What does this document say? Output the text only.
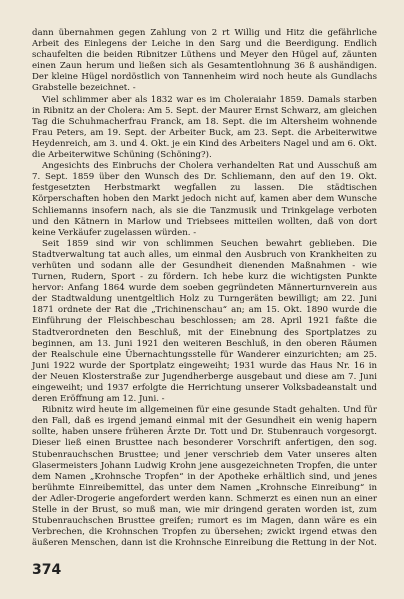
dann übernahmen gegen Zahlung von 2 rt Willig und Hitz die gefährliche Arbeit des Einlegens der Leiche in den Sarg und die Beerdigung. Endlich schaufelten die beiden Ribnitzer Lüthens und Meyer den Hügel auf, zäunten einen Zaun herum und ließen sich als Gesamtentlohnung 36 ß aushändigen. Der kleine Hügel nordöstlich von Tannenheim wird noch heute als Gundlachs Grabstelle bezeichnet. -

Viel schlimmer aber als 1832 war es im Choleraiahr 1859. Damals starben in Ribnitz an der Cholera: Am 5. Sept. der Maurer Ernst Schwarz, am gleichen Tag die Schuhmacherfrau Franck, am 18. Sept. die im Altersheim wohnende Frau Peters, am 19. Sept. der Arbeiter Buck, am 23. Sept. die Arbeiterwitwe Heydenreich, am 3. und 4. Okt. je ein Kind des Arbeiters Nagel und am 6. Okt. die Arbeiterwitwe Schüning (Schöning?).

Angesichts des Einbruchs der Cholera verhandelten Rat und Ausschuß am 7. Sept. 1859 über den Wunsch des Dr. Schliemann, den auf den 19. Okt. festgesetzten Herbstmarkt wegfallen zu lassen. Die städtischen Körperschaften hoben den Markt jedoch nicht auf, kamen aber dem Wunsche Schliemanns insofern nach, als sie die Tanzmusik und Trinkgelage verboten und den Kätnern in Marlow und Triebsees mitteilen wollten, daß von dort keine Verkäufer zugelassen würden. -

Seit 1859 sind wir von schlimmen Seuchen bewahrt geblieben. Die Stadtverwaltung tat auch alles, um einmal den Ausbruch von Krankheiten zu verhüten und sodann alle der Gesundheit dienenden Maßnahmen - wie Turnen, Rudern, Sport - zu fördern. Ich hebe kurz die wichtigsten Punkte hervor: Anfang 1864 wurde dem soeben gegründeten Männerturnverein aus der Stadtwaldung unentgeltlich Holz zu Turngeräten bewilligt; am 22. Juni 1871 ordnete der Rat die „Trichinenschau“ an; am 15. Okt. 1890 wurde die Einführung der Fleischbeschau beschlossen; am 28. April 1921 faßte die Stadtverordneten den Beschluß, mit der Einebnung des Sportplatzes zu beginnen, am 13. Juni 1921 den weiteren Beschluß, in den oberen Räumen der Realschule eine Übernachtungsstelle für Wanderer einzurichten; am 25. Juni 1922 wurde der Sportplatz eingeweiht; 1931 wurde das Haus Nr. 16 in der Neuen Klosterstraße zur Jugendherberge ausgebaut und diese am 7. Juni eingeweiht; und 1937 erfolgte die Herrichtung unserer Volksbadeanstalt und deren Eröffnung am 12. Juni. -

Ribnitz wird heute im allgemeinen für eine gesunde Stadt gehalten. Und für den Fall, daß es irgend jemand einmal mit der Gesundheit ein wenig hapern sollte, haben unsere früheren Ärzte Dr. Tott und Dr. Stubenrauch vorgesorgt. Dieser ließ einen Brusttee nach besonderer Vorschrift anfertigen, den sog. Stubenrauchschen Brusttee; und jener verschrieb dem Vater unseres alten Glasermeisters Johann Ludwig Krohn jene ausgezeichneten Tropfen, die unter dem Namen „Krohnsche Tropfen“ in der Apotheke erhältlich sind, und jenes berühmte Einreibemittel, das unter dem Namen „Krohnsche Einreibung“ in der Adler-Drogerie angefordert werden kann. Schmerzt es einen nun an einer Stelle in der Brust, so muß man, wie mir dringend geraten worden ist, zum Stubenrauchschen Brusttee greifen; rumort es im Magen, dann wäre es ein Verbrechen, die Krohnschen Tropfen zu übersehen; zwickt irgend etwas den äußeren Menschen, dann ist die Krohnsche Einreibung die Rettung in der Not.

374
